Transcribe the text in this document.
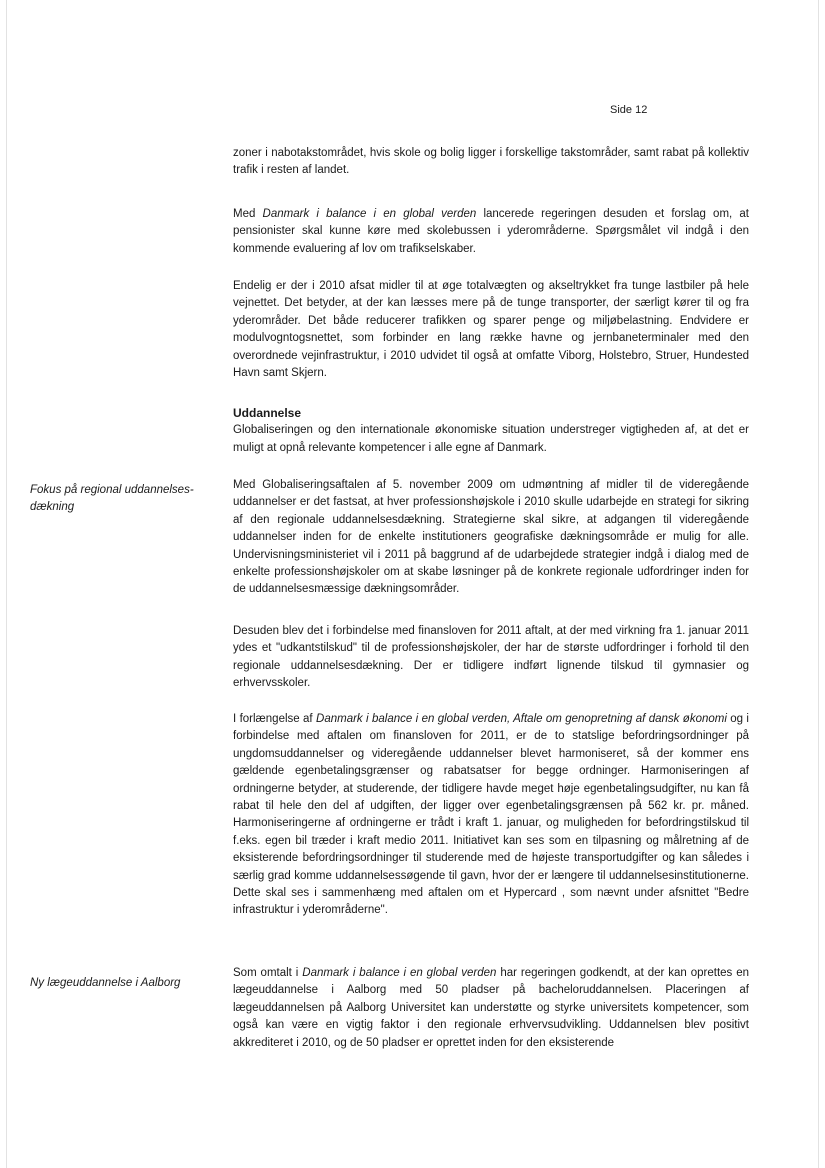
Side 12
Fokus på regional uddannelses-dækning
Ny lægeuddannelse i Aalborg

zoner i nabotakstområdet, hvis skole og bolig ligger i forskellige takstområder, samt rabat på kollektiv trafik i resten af landet.

Med Danmark i balance i en global verden lancerede regeringen desuden et forslag om, at pensionister skal kunne køre med skolebussen i yderområderne. Spørgsmålet vil indgå i den kommende evaluering af lov om trafikselskaber.

Endelig er der i 2010 afsat midler til at øge totalvægten og akseltrykket fra tunge lastbiler på hele vejnettet. Det betyder, at der kan læsses mere på de tunge transporter, der særligt kører til og fra yderområder. Det både reducerer trafikken og sparer penge og miljøbelastning. Endvidere er modulvogntogsnettet, som forbinder en lang række havne og jernbaneterminaler med den overordnede vejinfrastruktur, i 2010 udvidet til også at omfatte Viborg, Holstebro, Struer, Hundested Havn samt Skjern.

Uddannelse

Globaliseringen og den internationale økonomiske situation understreger vigtigheden af, at det er muligt at opnå relevante kompetencer i alle egne af Danmark.

Med Globaliseringsaftalen af 5. november 2009 om udmøntning af midler til de videregående uddannelser er det fastsat, at hver professionshøjskole i 2010 skulle udarbejde en strategi for sikring af den regionale uddannelsesdækning. Strategierne skal sikre, at adgangen til videregående uddannelser inden for de enkelte institutioners geografiske dækningsområde er mulig for alle. Undervisningsministeriet vil i 2011 på baggrund af de udarbejdede strategier indgå i dialog med de enkelte professionshøjskoler om at skabe løsninger på de konkrete regionale udfordringer inden for de uddannelsesmæssige dækningsområder.

Desuden blev det i forbindelse med finansloven for 2011 aftalt, at der med virkning fra 1. januar 2011 ydes et "udkantstilskud" til de professionshøjskoler, der har de største udfordringer i forhold til den regionale uddannelsesdækning. Der er tidligere indført lignende tilskud til gymnasier og erhvervsskoler.

I forlængelse af Danmark i balance i en global verden, Aftale om genopretning af dansk økonomi og i forbindelse med aftalen om finansloven for 2011, er de to statslige befordringsordninger på ungdomsuddannelser og videregående uddannelser blevet harmoniseret, så der kommer ens gældende egenbetalingsgrænser og rabatsatser for begge ordninger. Harmoniseringen af ordningerne betyder, at studerende, der tidligere havde meget høje egenbetalingsudgifter, nu kan få rabat til hele den del af udgiften, der ligger over egenbetalingsgrænsen på 562 kr. pr. måned. Harmoniseringerne af ordningerne er trådt i kraft 1. januar, og muligheden for befordringstilskud til f.eks. egen bil træder i kraft medio 2011. Initiativet kan ses som en tilpasning og målretning af de eksisterende befordringsordninger til studerende med de højeste transportudgifter og kan således i særlig grad komme uddannelsessøgende til gavn, hvor der er længere til uddannelsesinstitutionerne. Dette skal ses i sammenhæng med aftalen om et Hypercard , som nævnt under afsnittet "Bedre infrastruktur i yderområderne".

Som omtalt i Danmark i balance i en global verden har regeringen godkendt, at der kan oprettes en lægeuddannelse i Aalborg med 50 pladser på bacheloruddannelsen. Placeringen af lægeuddannelsen på Aalborg Universitet kan understøtte og styrke universitets kompetencer, som også kan være en vigtig faktor i den regionale erhvervsudvikling. Uddannelsen blev positivt akkrediteret i 2010, og de 50 pladser er oprettet inden for den eksisterende
